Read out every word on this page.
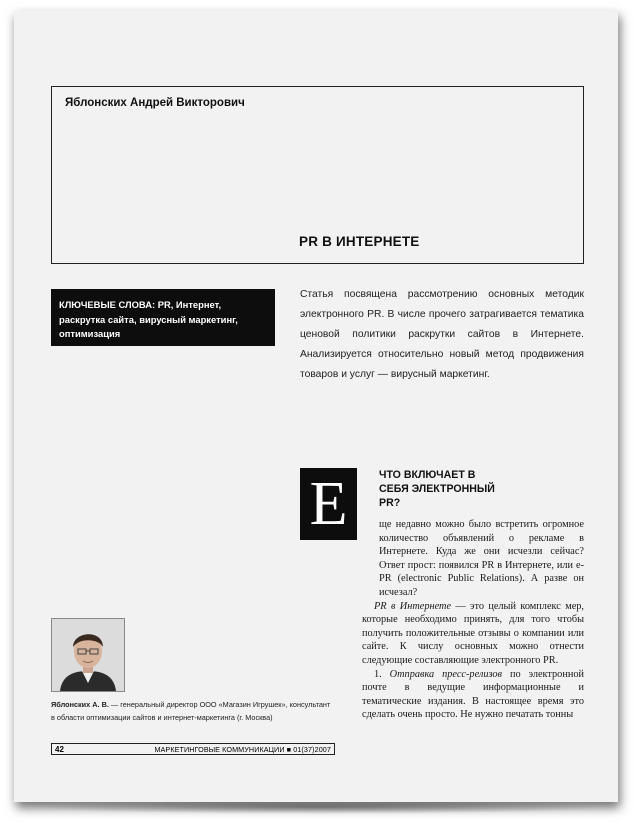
Яблонских Андрей Викторович
PR В ИНТЕРНЕТЕ
КЛЮЧЕВЫЕ СЛОВА: PR, Интернет, раскрутка сайта, вирусный маркетинг, оптимизация
Статья посвящена рассмотрению основных методик электронного PR. В числе прочего затрагивается тематика ценовой политики раскрутки сайтов в Интернете. Анализируется относительно новый метод продвижения товаров и услуг — вирусный маркетинг.
Е	ЧТО ВКЛЮЧАЕТ В СЕБЯ ЭЛЕКТРОННЫЙ PR?

ще недавно можно было встретить огромное количество объявлений о рекламе в Интернете. Куда же они исчезли сейчас? Ответ прост: появился PR в Интернете, или e-PR (electronic Public Relations). А разве он исчезал?

PR в Интернете — это целый комплекс мер, которые необходимо принять, для того чтобы получить положительные отзывы о компании или сайте. К числу основных можно отнести следующие составляющие электронного PR.

1. Отправка пресс-релизов по электронной почте в ведущие информационные и тематические издания. В настоящее время это сделать очень просто. Не нужно печатать тонны

Яблонских А. В. — генеральный директор ООО «Магазин Игрушек», консультант в области оптимизации сайтов и интернет-маркетинга (г. Москва)
42	МАРКЕТИНГОВЫЕ КОММУНИКАЦИИ ■ 01(37)2007
